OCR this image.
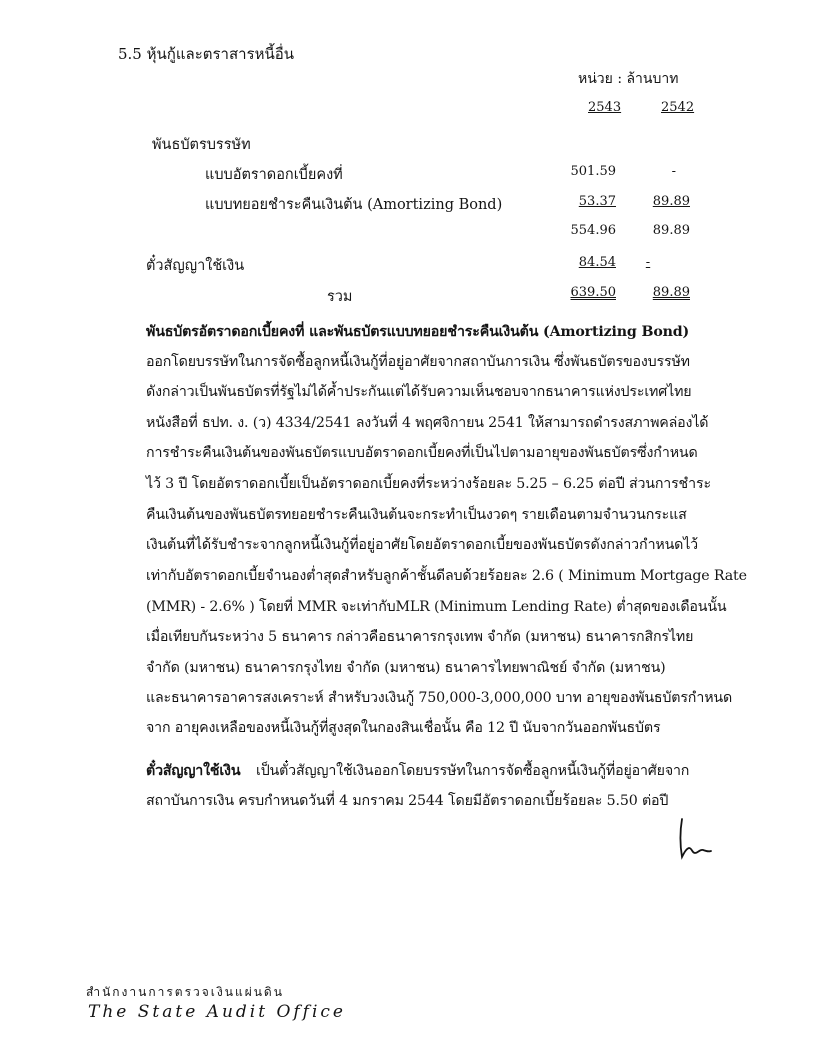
5.5 หุ้นกู้และตราสารหนี้อื่น
หน่วย : ล้านบาท
2543	2542
พันธบัตรบรรษัท
แบบอัตราดอกเบี้ยคงที่	501.59	-
แบบทยอยชำระคืนเงินต้น (Amortizing Bond)	53.37	89.89
554.96	89.89
ตั๋วสัญญาใช้เงิน	84.54	-
รวม	639.50	89.89
พันธบัตรอัตราดอกเบี้ยคงที่ และพันธบัตรแบบทยอยชำระคืนเงินต้น (Amortizing Bond)
ออกโดยบรรษัทในการจัดซื้อลูกหนี้เงินกู้ที่อยู่อาศัยจากสถาบันการเงิน ซึ่งพันธบัตรของบรรษัท
ดังกล่าวเป็นพันธบัตรที่รัฐไม่ได้ค้ำประกันแต่ได้รับความเห็นชอบจากธนาคารแห่งประเทศไทย
หนังสือที่ ธปท. ง. (ว) 4334/2541 ลงวันที่ 4 พฤศจิกายน 2541 ให้สามารถดำรงสภาพคล่องได้
การชำระคืนเงินต้นของพันธบัตรแบบอัตราดอกเบี้ยคงที่เป็นไปตามอายุของพันธบัตรซึ่งกำหนด
ไว้ 3 ปี โดยอัตราดอกเบี้ยเป็นอัตราดอกเบี้ยคงที่ระหว่างร้อยละ 5.25 – 6.25 ต่อปี ส่วนการชำระ
คืนเงินต้นของพันธบัตรทยอยชำระคืนเงินต้นจะกระทำเป็นงวดๆ รายเดือนตามจำนวนกระแส
เงินต้นที่ได้รับชำระจากลูกหนี้เงินกู้ที่อยู่อาศัยโดยอัตราดอกเบี้ยของพันธบัตรดังกล่าวกำหนดไว้
เท่ากับอัตราดอกเบี้ยจำนองต่ำสุดสำหรับลูกค้าชั้นดีลบด้วยร้อยละ 2.6 ( Minimum Mortgage Rate
(MMR) - 2.6% ) โดยที่ MMR จะเท่ากับMLR (Minimum Lending Rate) ต่ำสุดของเดือนนั้น
เมื่อเทียบกันระหว่าง 5 ธนาคาร กล่าวคือธนาคารกรุงเทพ จำกัด (มหาชน) ธนาคารกสิกรไทย
จำกัด (มหาชน) ธนาคารกรุงไทย จำกัด (มหาชน) ธนาคารไทยพาณิชย์ จำกัด (มหาชน)
และธนาคารอาคารสงเคราะห์ สำหรับวงเงินกู้ 750,000-3,000,000 บาท อายุของพันธบัตรกำหนด
จาก อายุคงเหลือของหนี้เงินกู้ที่สูงสุดในกองสินเชื่อนั้น คือ 12 ปี นับจากวันออกพันธบัตร
ตั๋วสัญญาใช้เงิน เป็นตั๋วสัญญาใช้เงินออกโดยบรรษัทในการจัดซื้อลูกหนี้เงินกู้ที่อยู่อาศัยจาก
สถาบันการเงิน ครบกำหนดวันที่ 4 มกราคม 2544 โดยมีอัตราดอกเบี้ยร้อยละ 5.50 ต่อปี
สำนักงานการตรวจเงินแผ่นดิน
The State Audit Office
